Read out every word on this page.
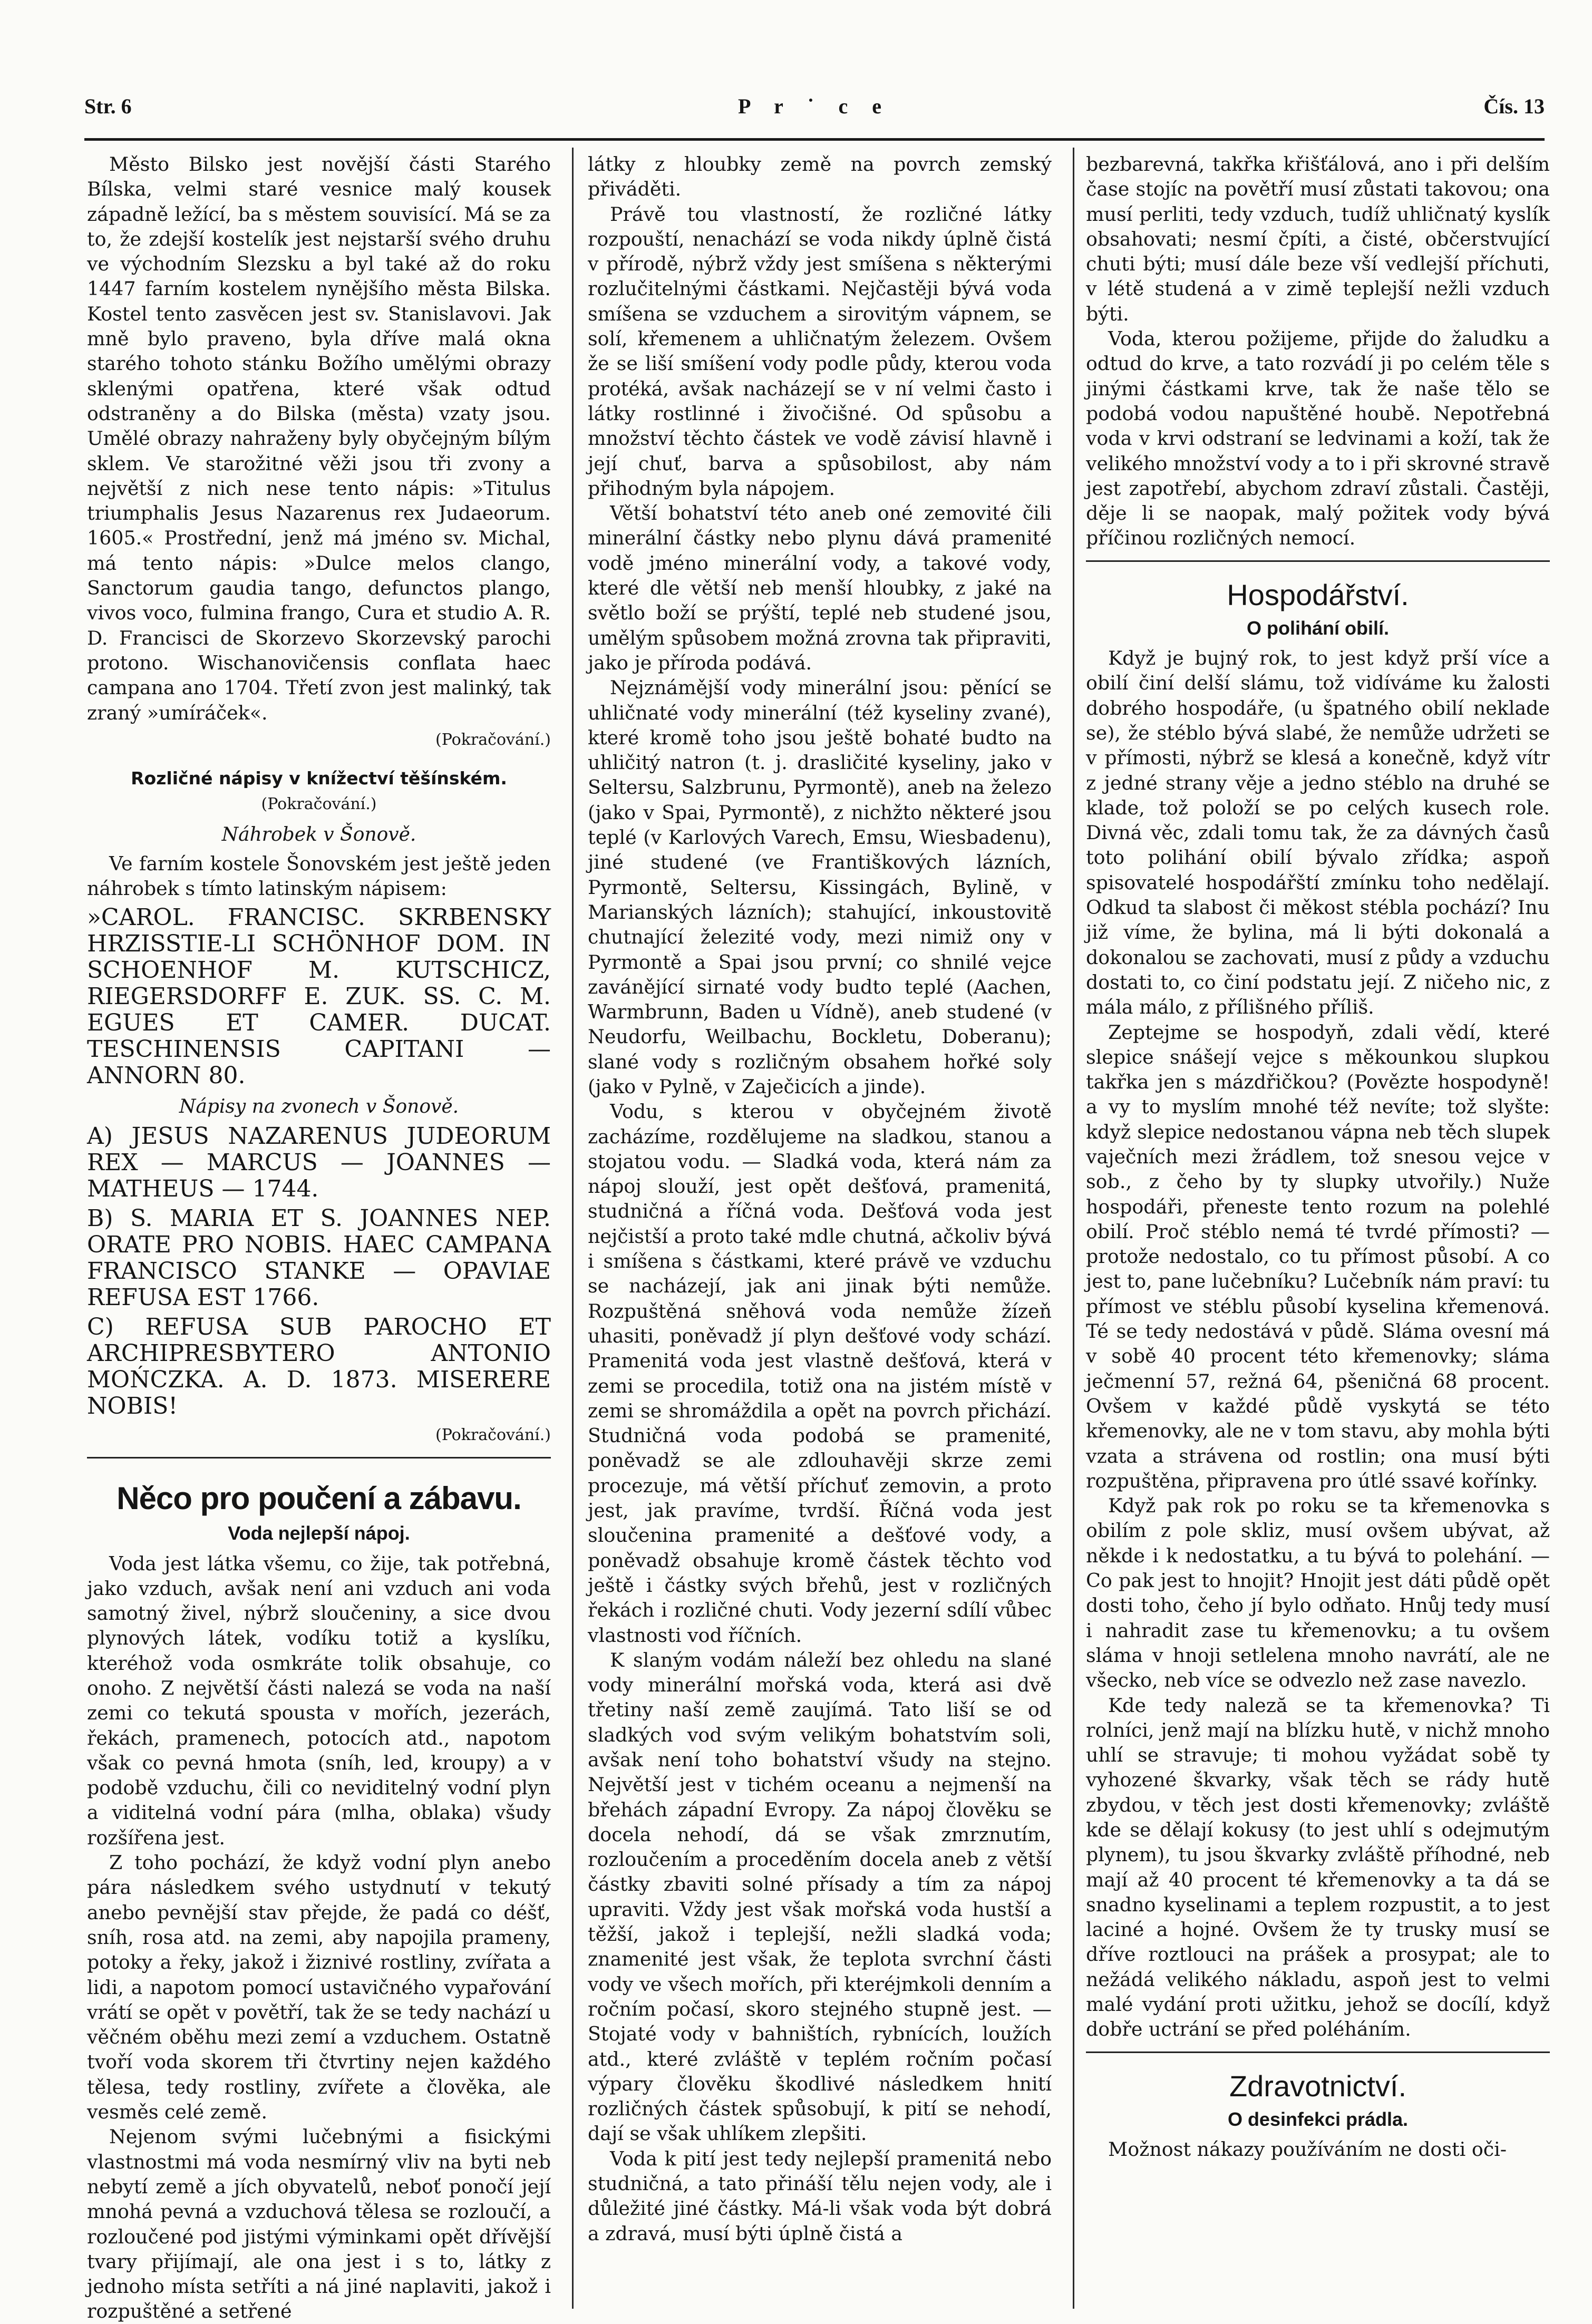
Str. 6	P r ˙ c e	Čís. 13

Město Bilsko jest novější části Starého Bílska, velmi staré vesnice malý kousek západně ležící, ba s městem souvisící. Má se za to, že zdejší kostelík jest nejstarší svého druhu ve východním Slezsku a byl také až do roku 1447 farním kostelem nynějšího města Bilska. Kostel tento zasvěcen jest sv. Stanislavovi. Jak mně bylo praveno, byla dříve malá okna starého tohoto stánku Božího umělými obrazy sklenými opatřena, které však odtud odstraněny a do Bilska (města) vzaty jsou. Umělé obrazy nahraženy byly obyčejným bílým sklem. Ve starožitné věži jsou tři zvony a největší z nich nese tento nápis: »Titulus triumphalis Jesus Nazarenus rex Judaeorum. 1605.« Prostřední, jenž má jméno sv. Michal, má tento nápis: »Dulce melos clango, Sanctorum gaudia tango, defunctos plango, vivos voco, fulmina frango, Cura et studio A. R. D. Francisci de Skorzevo Skorzevský parochi protono. Wischanovičensis conflata haec campana ano 1704. Třetí zvon jest malinký, tak zraný »umíráček«.

(Pokračování.)
Rozličné nápisy v knížectví těšínském.
(Pokračování.)
Náhrobek v Šonově.

Ve farním kostele Šonovském jest ještě jeden náhrobek s tímto latinským nápisem:

»CAROL. FRANCISC. SKRBENSKY HRZISSTIE-LI SCHÖNHOF DOM. IN SCHOENHOF M. KUTSCHICZ, RIEGERSDORFF E. ZUK. SS. C. M. EGUES ET CAMER. DUCAT. TESCHINENSIS CAPITANI — ANNORN 80.

Nápisy na zvonech v Šonově.

A) JESUS NAZARENUS JUDEORUM REX — MARCUS — JOANNES — MATHEUS — 1744.

B) S. MARIA ET S. JOANNES NEP. ORATE PRO NOBIS. HAEC CAMPANA FRANCISCO STANKE — OPAVIAE REFUSA EST 1766.

C) REFUSA SUB PAROCHO ET ARCHIPRESBYTERO ANTONIO MOŃCZKA. A. D. 1873. MISERERE NOBIS!

(Pokračování.)
Něco pro poučení a zábavu.
Voda nejlepší nápoj.

Voda jest látka všemu, co žije, tak potřebná, jako vzduch, avšak není ani vzduch ani voda samotný živel, nýbrž sloučeniny, a sice dvou plynových látek, vodíku totiž a kyslíku, kteréhož voda osmkráte tolik obsahuje, co onoho. Z největší části nalezá se voda na naší zemi co tekutá spousta v mořích, jezerách, řekách, pramenech, potocích atd., napotom však co pevná hmota (sníh, led, kroupy) a v podobě vzduchu, čili co neviditelný vodní plyn a viditelná vodní pára (mlha, oblaka) všudy rozšířena jest.

Z toho pochází, že když vodní plyn anebo pára následkem svého ustydnutí v tekutý anebo pevnější stav přejde, že padá co déšť, sníh, rosa atd. na zemi, aby napojila prameny, potoky a řeky, jakož i žiznivé rostliny, zvířata a lidi, a napotom pomocí ustavičného vypařování vrátí se opět v povětří, tak že se tedy nachází u věčném oběhu mezi zemí a vzduchem. Ostatně tvoří voda skorem tři čtvrtiny nejen každého tělesa, tedy rostliny, zvířete a člověka, ale vesměs celé země.

Nejenom svými lučebnými a fisickými vlastnostmi má voda nesmírný vliv na byti neb nebytí země a jích obyvatelů, neboť ponočí její mnohá pevná a vzduchová tělesa se rozloučí, a rozloučené pod jistými výminkami opět dřívější tvary přijímají, ale ona jest i s to, látky z jednoho místa setříti a ná jiné naplaviti, jakož i rozpuštěné a setřené

látky z hloubky země na povrch zemský přiváděti.

Právě tou vlastností, že rozličné látky rozpouští, nenachází se voda nikdy úplně čistá v přírodě, nýbrž vždy jest smíšena s některými rozlučitelnými částkami. Nejčastěji bývá voda smíšena se vzduchem a sirovitým vápnem, se solí, křemenem a uhličnatým železem. Ovšem že se liší smíšení vody podle půdy, kterou voda protéká, avšak nacházejí se v ní velmi často i látky rostlinné i živočišné. Od spůsobu a množství těchto částek ve vodě závisí hlavně i její chuť, barva a spůsobilost, aby nám přihodným byla nápojem.

Větší bohatství této aneb oné zemovité čili minerální částky nebo plynu dává pramenité vodě jméno minerální vody, a takové vody, které dle větší neb menší hloubky, z jaké na světlo boží se prýští, teplé neb studené jsou, umělým spůsobem možná zrovna tak připraviti, jako je příroda podává.

Nejznámější vody minerální jsou: pěnící se uhličnaté vody minerální (též kyseliny zvané), které kromě toho jsou ještě bohaté budto na uhličitý natron (t. j. drasličité kyseliny, jako v Seltersu, Salzbrunu, Pyrmontě), aneb na železo (jako v Spai, Pyrmontě), z nichžto některé jsou teplé (v Karlových Varech, Emsu, Wiesbadenu), jiné studené (ve Františkových lázních, Pyrmontě, Seltersu, Kissingách, Bylině, v Marianských lázních); stahující, inkoustovitě chutnající železité vody, mezi nimiž ony v Pyrmontě a Spai jsou první; co shnilé vejce zavánějící sirnaté vody budto teplé (Aachen, Warmbrunn, Baden u Vídně), aneb studené (v Neudorfu, Weilbachu, Bockletu, Doberanu); slané vody s rozličným obsahem hořké soly (jako v Pylně, v Zaječicích a jinde).

Vodu, s kterou v obyčejném životě zacházíme, rozdělujeme na sladkou, stanou a stojatou vodu. — Sladká voda, která nám za nápoj slouží, jest opět dešťová, pramenitá, studničná a říčná voda. Dešťová voda jest nejčistší a proto také mdle chutná, ačkoliv bývá i smíšena s částkami, které právě ve vzduchu se nacházejí, jak ani jinak býti nemůže. Rozpuštěná sněhová voda nemůže žízeň uhasiti, poněvadž jí plyn dešťové vody schází. Pramenitá voda jest vlastně dešťová, která v zemi se procedila, totiž ona na jistém místě v zemi se shromáždila a opět na povrch přichází. Studničná voda podobá se pramenité, poněvadž se ale zdlouhavěji skrze zemi procezuje, má větší příchuť zemovin, a proto jest, jak pravíme, tvrdší. Říčná voda jest sloučenina pramenité a dešťové vody, a poněvadž obsahuje kromě částek těchto vod ještě i částky svých břehů, jest v rozličných řekách i rozličné chuti. Vody jezerní sdílí vůbec vlastnosti vod říčních.

K slaným vodám náleží bez ohledu na slané vody minerální mořská voda, která asi dvě třetiny naší země zaujímá. Tato liší se od sladkých vod svým velikým bohatstvím soli, avšak není toho bohatství všudy na stejno. Největší jest v tichém oceanu a nejmenší na břehách západní Evropy. Za nápoj člověku se docela nehodí, dá se však zmrznutím, rozloučením a proceděním docela aneb z větší částky zbaviti solné přísady a tím za nápoj upraviti. Vždy jest však mořská voda hustší a těžší, jakož i teplejší, nežli sladká voda; znamenité jest však, že teplota svrchní části vody ve všech mořích, při kteréjmkoli denním a ročním počasí, skoro stejného stupně jest. — Stojaté vody v bahništích, rybnících, loužích atd., které zvláště v teplém ročním počasí výpary člověku škodlivé následkem hnití rozličných částek spůsobují, k pití se nehodí, dají se však uhlíkem zlepšiti.

Voda k pití jest tedy nejlepší pramenitá nebo studničná, a tato přináší tělu nejen vody, ale i důležité jiné částky. Má-li však voda být dobrá a zdravá, musí býti úplně čistá a

bezbarevná, takřka křišťálová, ano i při delším čase stojíc na povětří musí zůstati takovou; ona musí perliti, tedy vzduch, tudíž uhličnatý kyslík obsahovati; nesmí čpíti, a čisté, občerstvující chuti býti; musí dále beze vší vedlejší příchuti, v létě studená a v zimě teplejší nežli vzduch býti.

Voda, kterou požijeme, přijde do žaludku a odtud do krve, a tato rozvádí ji po celém těle s jinými částkami krve, tak že naše tělo se podobá vodou napuštěné houbě. Nepotřebná voda v krvi odstraní se ledvinami a koží, tak že velikého množství vody a to i při skrovné stravě jest zapotřebí, abychom zdraví zůstali. Častěji, děje li se naopak, malý požitek vody bývá příčinou rozličných nemocí.

Hospodářství.
O polihání obilí.

Když je bujný rok, to jest když prší více a obilí činí delší slámu, tož vidíváme ku žalosti dobrého hospodáře, (u špatného obilí neklade se), že stéblo bývá slabé, že nemůže udržeti se v přímosti, nýbrž se klesá a konečně, když vítr z jedné strany věje a jedno stéblo na druhé se klade, tož položí se po celých kusech role. Divná věc, zdali tomu tak, že za dávných časů toto polihání obilí bývalo zřídka; aspoň spisovatelé hospodářští zmínku toho nedělají. Odkud ta slabost či měkost stébla pochází? Inu již víme, že bylina, má li býti dokonalá a dokonalou se zachovati, musí z půdy a vzduchu dostati to, co činí podstatu její. Z ničeho nic, z mála málo, z přílišného příliš.

Zeptejme se hospodyň, zdali vědí, které slepice snášejí vejce s měkounkou slupkou takřka jen s mázdřičkou? (Povězte hospodyně! a vy to myslím mnohé též nevíte; tož slyšte: když slepice nedostanou vápna neb těch slupek vaječních mezi žrádlem, tož snesou vejce v sob., z čeho by ty slupky utvořily.) Nuže hospodáři, přeneste tento rozum na polehlé obilí. Proč stéblo nemá té tvrdé přímosti? — protože nedostalo, co tu přímost působí. A co jest to, pane lučebníku? Lučebník nám praví: tu přímost ve stéblu působí kyselina křemenová. Té se tedy nedostává v půdě. Sláma ovesní má v sobě 40 procent této křemenovky; sláma ječmenní 57, režná 64, pšeničná 68 procent. Ovšem v každé půdě vyskytá se této křemenovky, ale ne v tom stavu, aby mohla býti vzata a strávena od rostlin; ona musí býti rozpuštěna, připravena pro útlé ssavé kořínky.

Když pak rok po roku se ta křemenovka s obilím z pole skliz, musí ovšem ubývat, až někde i k nedostatku, a tu bývá to polehání. — Co pak jest to hnojit? Hnojit jest dáti půdě opět dosti toho, čeho jí bylo odňato. Hnůj tedy musí i nahradit zase tu křemenovku; a tu ovšem sláma v hnoji setlelena mnoho navrátí, ale ne všecko, neb více se odvezlo než zase navezlo.

Kde tedy naleză se ta křemenovka? Ti rolníci, jenž mají na blízku hutě, v nichž mnoho uhlí se stravuje; ti mohou vyžádat sobě ty vyhozené škvarky, však těch se rády hutě zbydou, v těch jest dosti křemenovky; zvláště kde se dělají kokusy (to jest uhlí s odejmutým plynem), tu jsou škvarky zvláště příhodné, neb mají až 40 procent té křemenovky a ta dá se snadno kyselinami a teplem rozpustit, a to jest laciné a hojné. Ovšem že ty trusky musí se dříve roztlouci na prášek a prosypat; ale to nežádá velikého nákladu, aspoň jest to velmi malé vydání proti užitku, jehož se docílí, když dobře uctrání se před poléháním.

Zdravotnictví.
O desinfekci prádla.

Možnost nákazy používáním ne dosti oči-
